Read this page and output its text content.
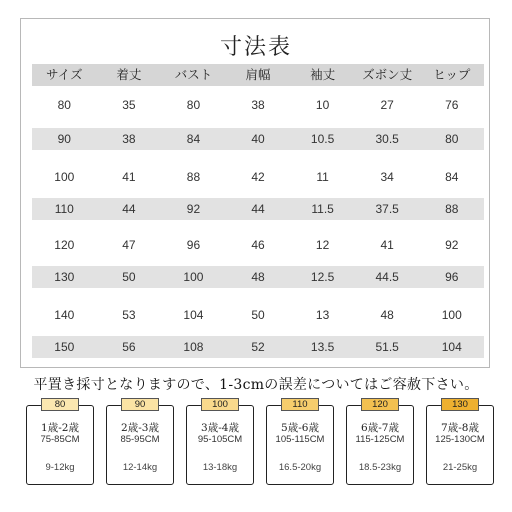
寸法表
サイズ	着丈	バスト	肩幅	袖丈	ズボン丈	ヒップ
80	35	80	38	10	27	76
90	38	84	40	10.5	30.5	80
100	41	88	42	11	34	84
110	44	92	44	11.5	37.5	88
120	47	96	46	12	41	92
130	50	100	48	12.5	44.5	96
140	53	104	50	13	48	100
150	56	108	52	13.5	51.5	104
平置き採寸となりますので、1-3cmの誤差についてはご容赦下さい。
80
1歳-2歳
75-85CM
9-12kg
90
2歳-3歳
85-95CM
12-14kg
100
3歳-4歳
95-105CM
13-18kg
110
5歳-6歳
105-115CM
16.5-20kg
120
6歳-7歳
115-125CM
18.5-23kg
130
7歳-8歳
125-130CM
21-25kg
